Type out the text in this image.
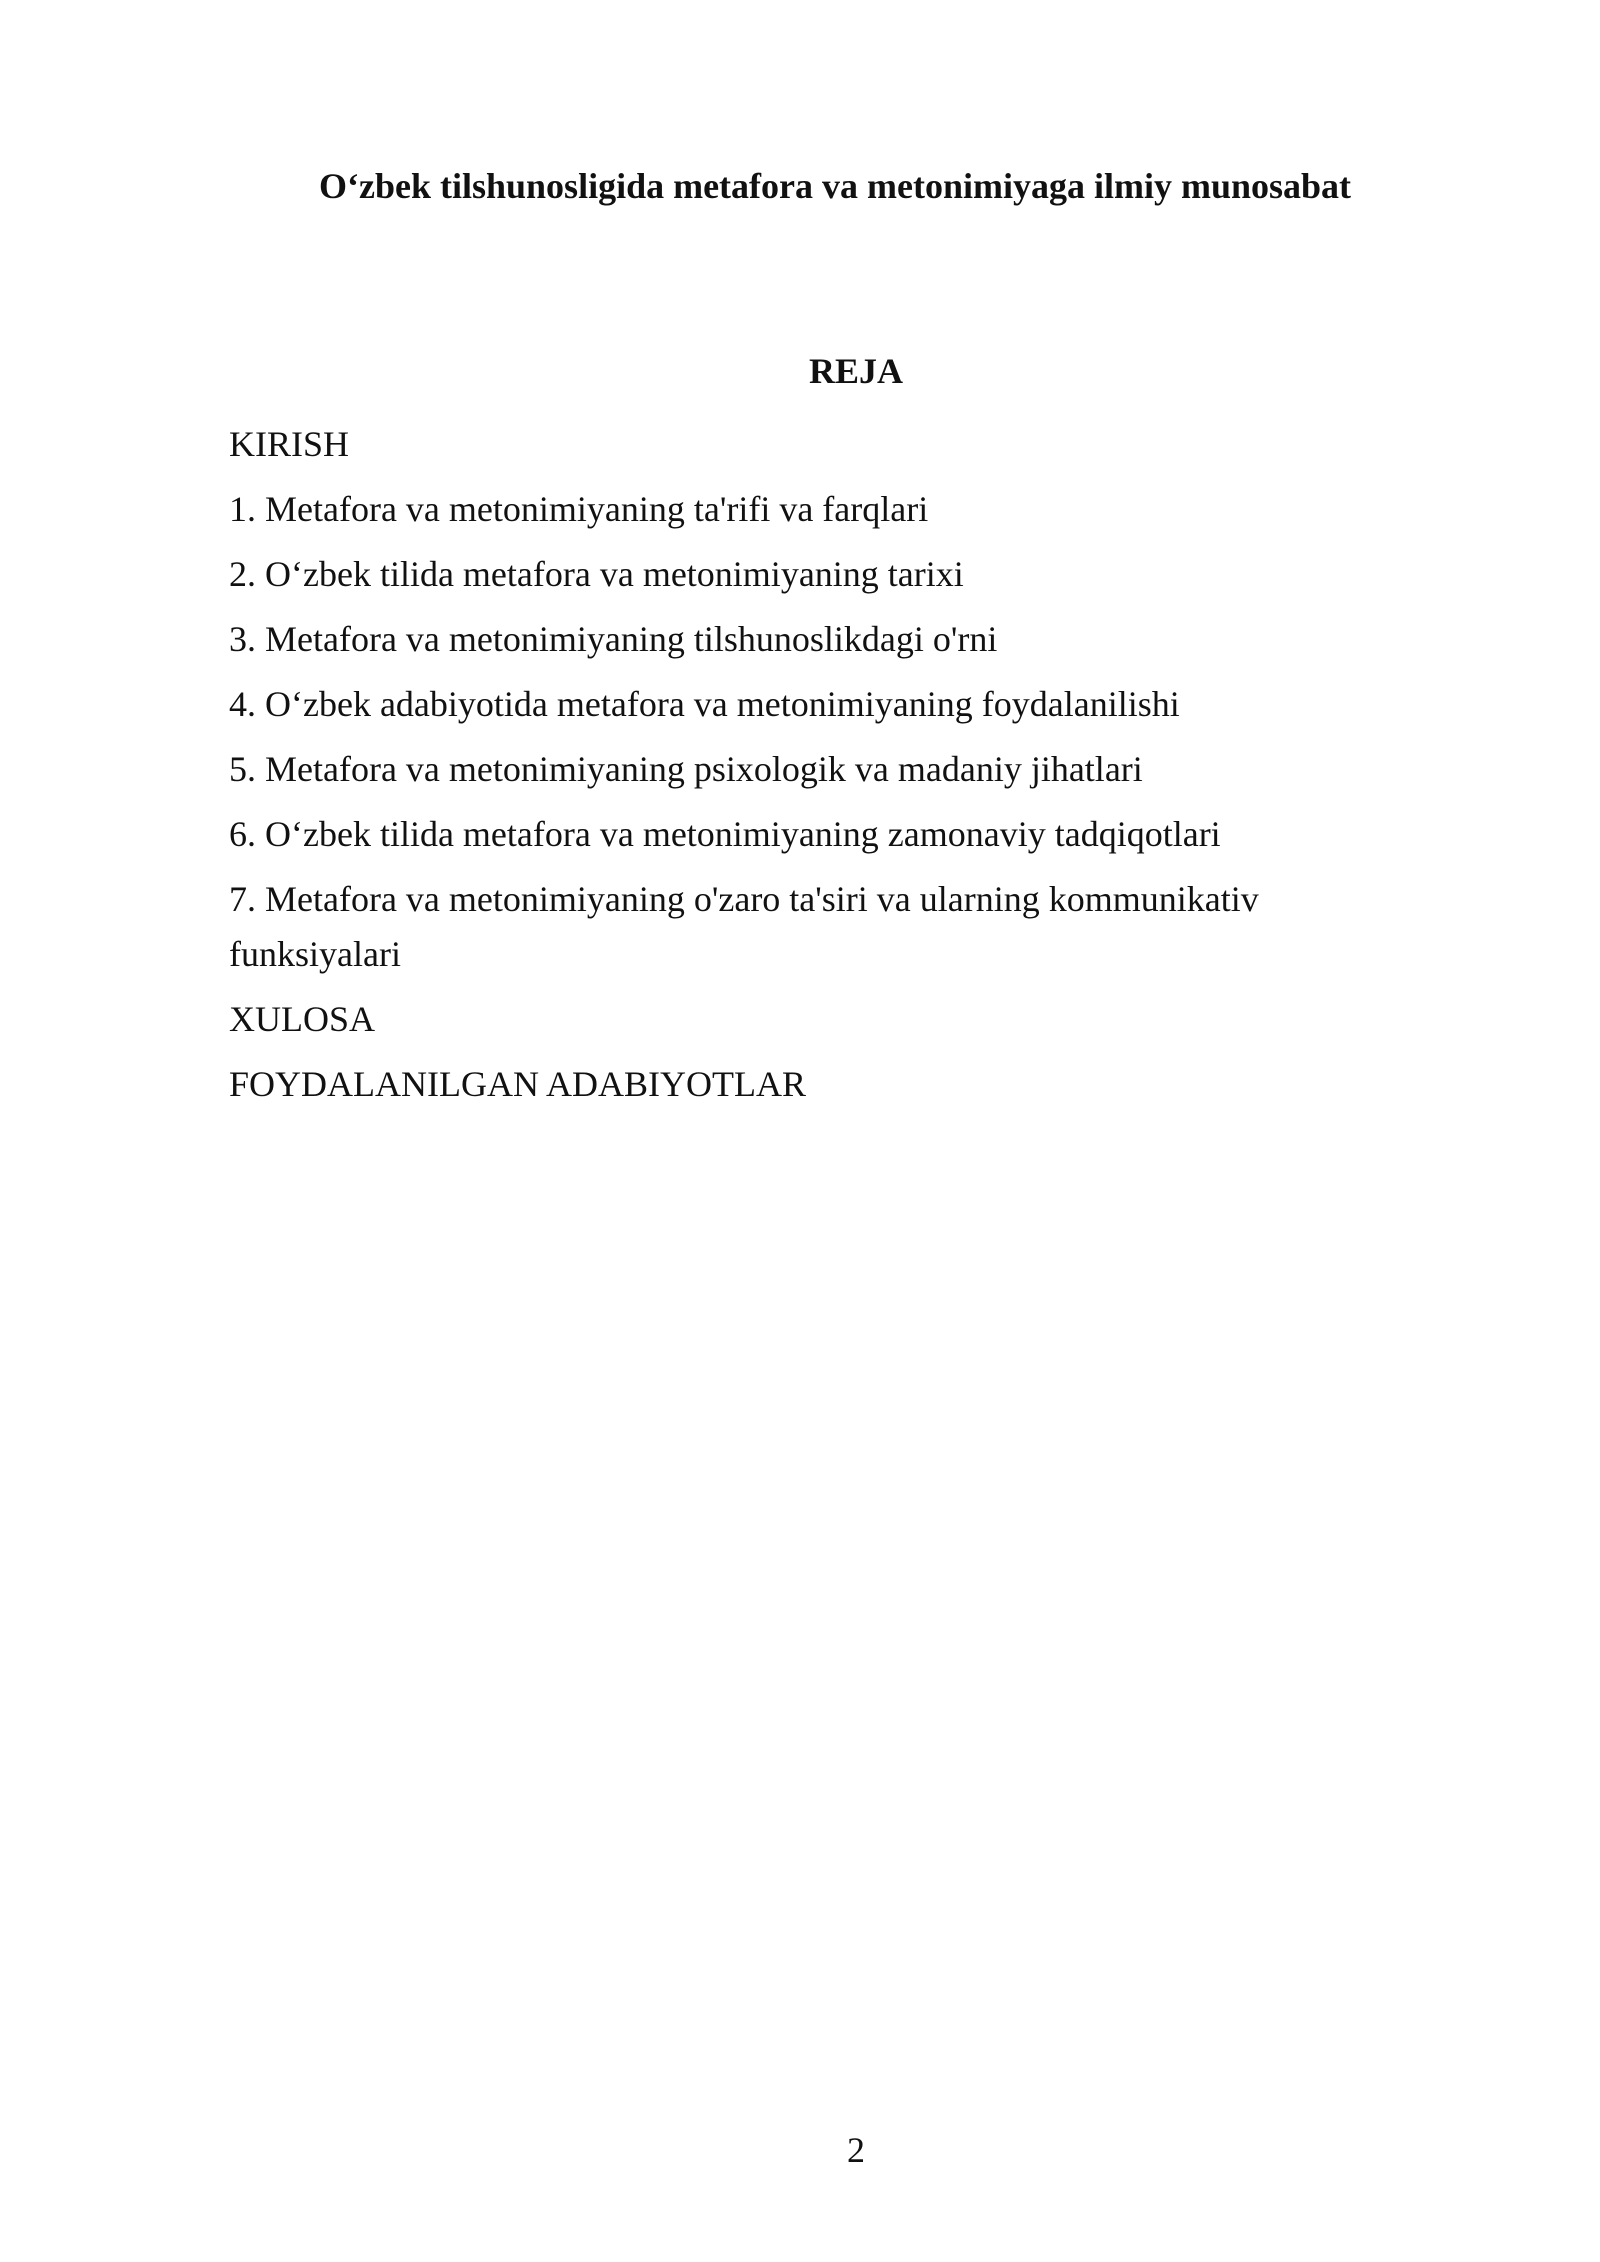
O‘zbek tilshunosligida metafora va metonimiyaga ilmiy munosabat
REJA
KIRISH
1. Metafora va metonimiyaning ta'rifi va farqlari
2. O‘zbek tilida metafora va metonimiyaning tarixi
3. Metafora va metonimiyaning tilshunoslikdagi o'rni
4. O‘zbek adabiyotida metafora va metonimiyaning foydalanilishi
5. Metafora va metonimiyaning psixologik va madaniy jihatlari
6. O‘zbek tilida metafora va metonimiyaning zamonaviy tadqiqotlari
7. Metafora va metonimiyaning o'zaro ta'siri va ularning kommunikativ funksiyalari
XULOSA
FOYDALANILGAN ADABIYOTLAR
2
